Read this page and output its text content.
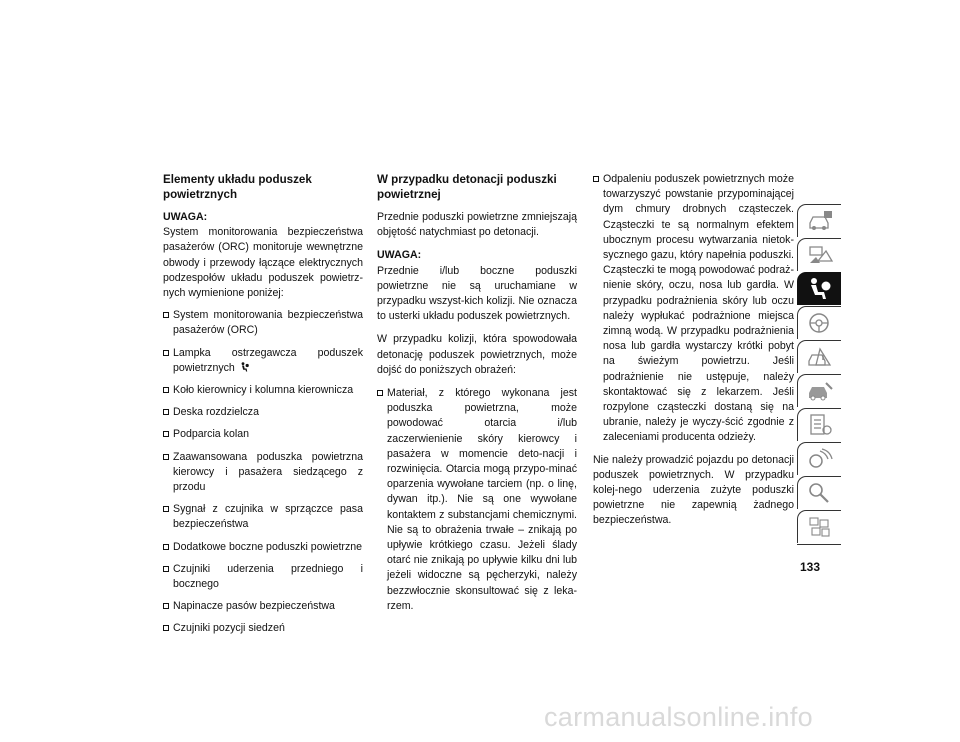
Elementy układu poduszek powietrznych
UWAGA:

System monitorowania bezpieczeństwa pasażerów (ORC) monitoruje wewnętrzne obwody i przewody łączące elektrycznych podzespołów układu poduszek powietrz-nych wymienione poniżej:

System monitorowania bezpieczeństwa pasażerów (ORC)
Lampka ostrzegawcza poduszek powietrznych
Koło kierownicy i kolumna kierownicza
Deska rozdzielcza
Podparcia kolan
Zaawansowana poduszka powietrzna kierowcy i pasażera siedzącego z przodu
Sygnał z czujnika w sprzączce pasa bezpieczeństwa
Dodatkowe boczne poduszki powietrzne
Czujniki uderzenia przedniego i bocznego
Napinacze pasów bezpieczeństwa
Czujniki pozycji siedzeń
W przypadku detonacji poduszki powietrznej

Przednie poduszki powietrzne zmniejszają objętość natychmiast po detonacji.

UWAGA:

Przednie i/lub boczne poduszki powietrzne nie są uruchamiane w przypadku wszyst-kich kolizji. Nie oznacza to usterki układu poduszek powietrznych.

W przypadku kolizji, która spowodowała detonację poduszek powietrznych, może dojść do poniższych obrażeń:

Materiał, z którego wykonana jest poduszka powietrzna, może powodować otarcia i/lub zaczerwienienie skóry kierowcy i pasażera w momencie deto-nacji i rozwinięcia. Otarcia mogą przypo-minać oparzenia wywołane tarciem (np. o linę, dywan itp.). Nie są one wywołane kontaktem z substancjami chemicznymi. Nie są to obrażenia trwałe – znikają po upływie krótkiego czasu. Jeżeli ślady otarć nie znikają po upływie kilku dni lub jeżeli widoczne są pęcherzyki, należy bezzwłocznie skonsultować się z leka-rzem.
Odpaleniu poduszek powietrznych może towarzyszyć powstanie przypominającej dym chmury drobnych cząsteczek. Cząsteczki te są normalnym efektem ubocznym procesu wytwarzania nietok-sycznego gazu, który napełnia poduszki. Cząsteczki te mogą powodować podraż-nienie skóry, oczu, nosa lub gardła. W przypadku podrażnienia skóry lub oczu należy wypłukać podrażnione miejsca zimną wodą. W przypadku podrażnienia nosa lub gardła wystarczy krótki pobyt na świeżym powietrzu. Jeśli podrażnienie nie ustępuje, należy skontaktować się z lekarzem. Jeśli rozpylone cząsteczki dostaną się na ubranie, należy je wyczy-ścić zgodnie z zaleceniami producenta odzieży.

Nie należy prowadzić pojazdu po detonacji poduszek powietrznych. W przypadku kolej-nego uderzenia zużyte poduszki powietrzne nie zapewnią żadnego bezpieczeństwa.

133
carmanualsonline.info
